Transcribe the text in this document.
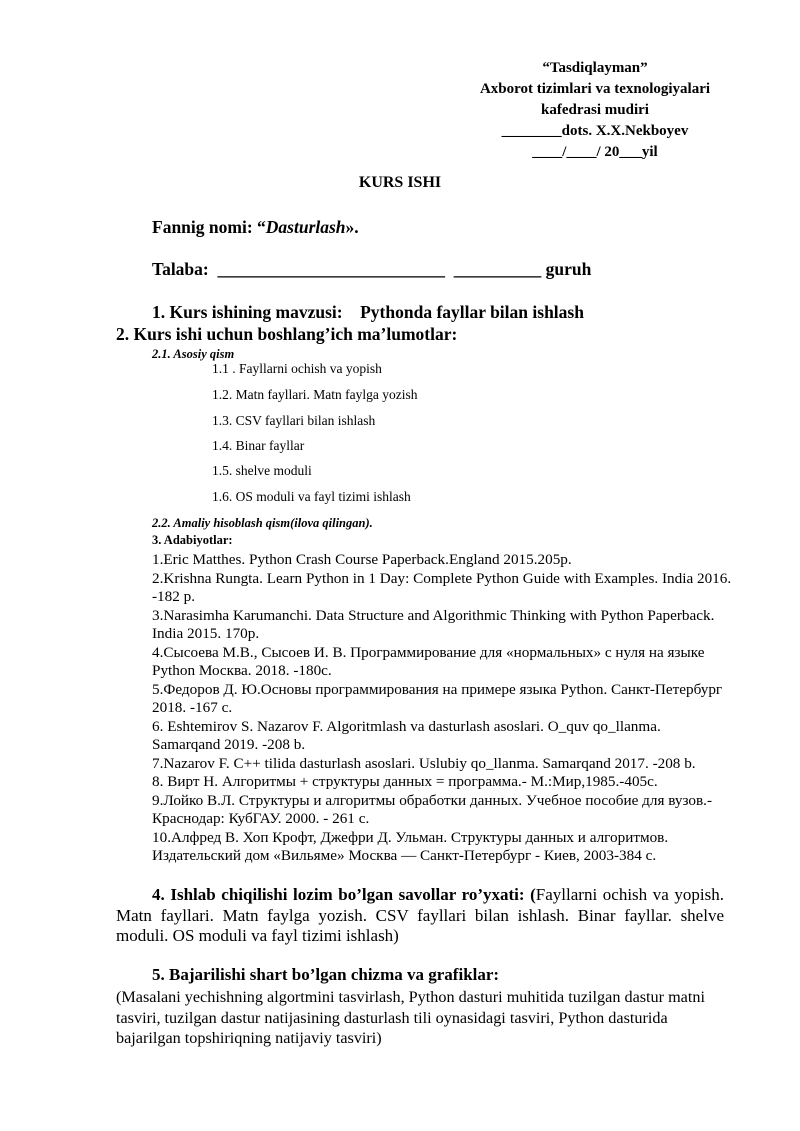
“Tasdiqlayman”
Axborot tizimlari va texnologiyalari
kafedrasi mudiri
________dots. X.X.Nekboyev
____/____/ 20___yil
KURS ISHI
Fannig nomi: “Dasturlash».
Talaba: __________________________ __________ guruh
1. Kurs ishining mavzusi: Pythonda fayllar bilan ishlash
2. Kurs ishi uchun boshlang’ich ma’lumotlar:
2.1. Asosiy qism
1.1 . Fayllarni ochish va yopish
1.2. Matn fayllari. Matn faylga yozish
1.3. CSV fayllari bilan ishlash
1.4. Binar fayllar
1.5. shelve moduli
1.6. OS moduli va fayl tizimi ishlash
2.2. Amaliy hisoblash qism(ilova qilingan).
3. Adabiyotlar:

1.Eric Matthes. Python Crash Course Paperback.England 2015.205p.

2.Krishna Rungta. Learn Python in 1 Day: Complete Python Guide with Examples. India 2016. -182 p.

3.Narasimha Karumanchi. Data Structure and Algorithmic Thinking with Python Paperback. India 2015. 170p.

4.Сысоева М.В., Сысоев И. В. Программирование для «нормальных» с нуля на языке Python Москва. 2018. -180c.

5.Федоров Д. Ю.Основы программирования на примере языка Python. Санкт-Петербург 2018. -167 c.

6. Eshtemirov S. Nazarov F. Algoritmlash va dasturlash asoslari. O_quv qo_llanma. Samarqand 2019. -208 b.

7.Nazarov F. C++ tilida dasturlash asoslari. Uslubiy qo_llanma. Samarqand 2017. -208 b.

8. Вирт Н. Алгоритмы + структуры данных = программа.- М.:Мир,1985.-405с.

9.Лойко В.Л. Структуры и алгоритмы обработки данных. Учебное пособие для вузов.- Краснодар: КубГАУ. 2000. - 261 с.

10.Алфред В. Хоп Крофт, Джефри Д. Ульман. Структуры данных и алгоритмов. Издательский дом «Вильяме» Москва — Санкт-Петербург - Киев, 2003-384 с.

4. Ishlab chiqilishi lozim bo’lgan savollar ro’yxati: (Fayllarni ochish va yopish. Matn fayllari. Matn faylga yozish. CSV fayllari bilan ishlash. Binar fayllar. shelve moduli. OS moduli va fayl tizimi ishlash)
5. Bajarilishi shart bo’lgan chizma va grafiklar:
(Masalani yechishning algortmini tasvirlash, Python dasturi muhitida tuzilgan dastur matni tasviri, tuzilgan dastur natijasining dasturlash tili oynasidagi tasviri, Python dasturida bajarilgan topshiriqning natijaviy tasviri)
